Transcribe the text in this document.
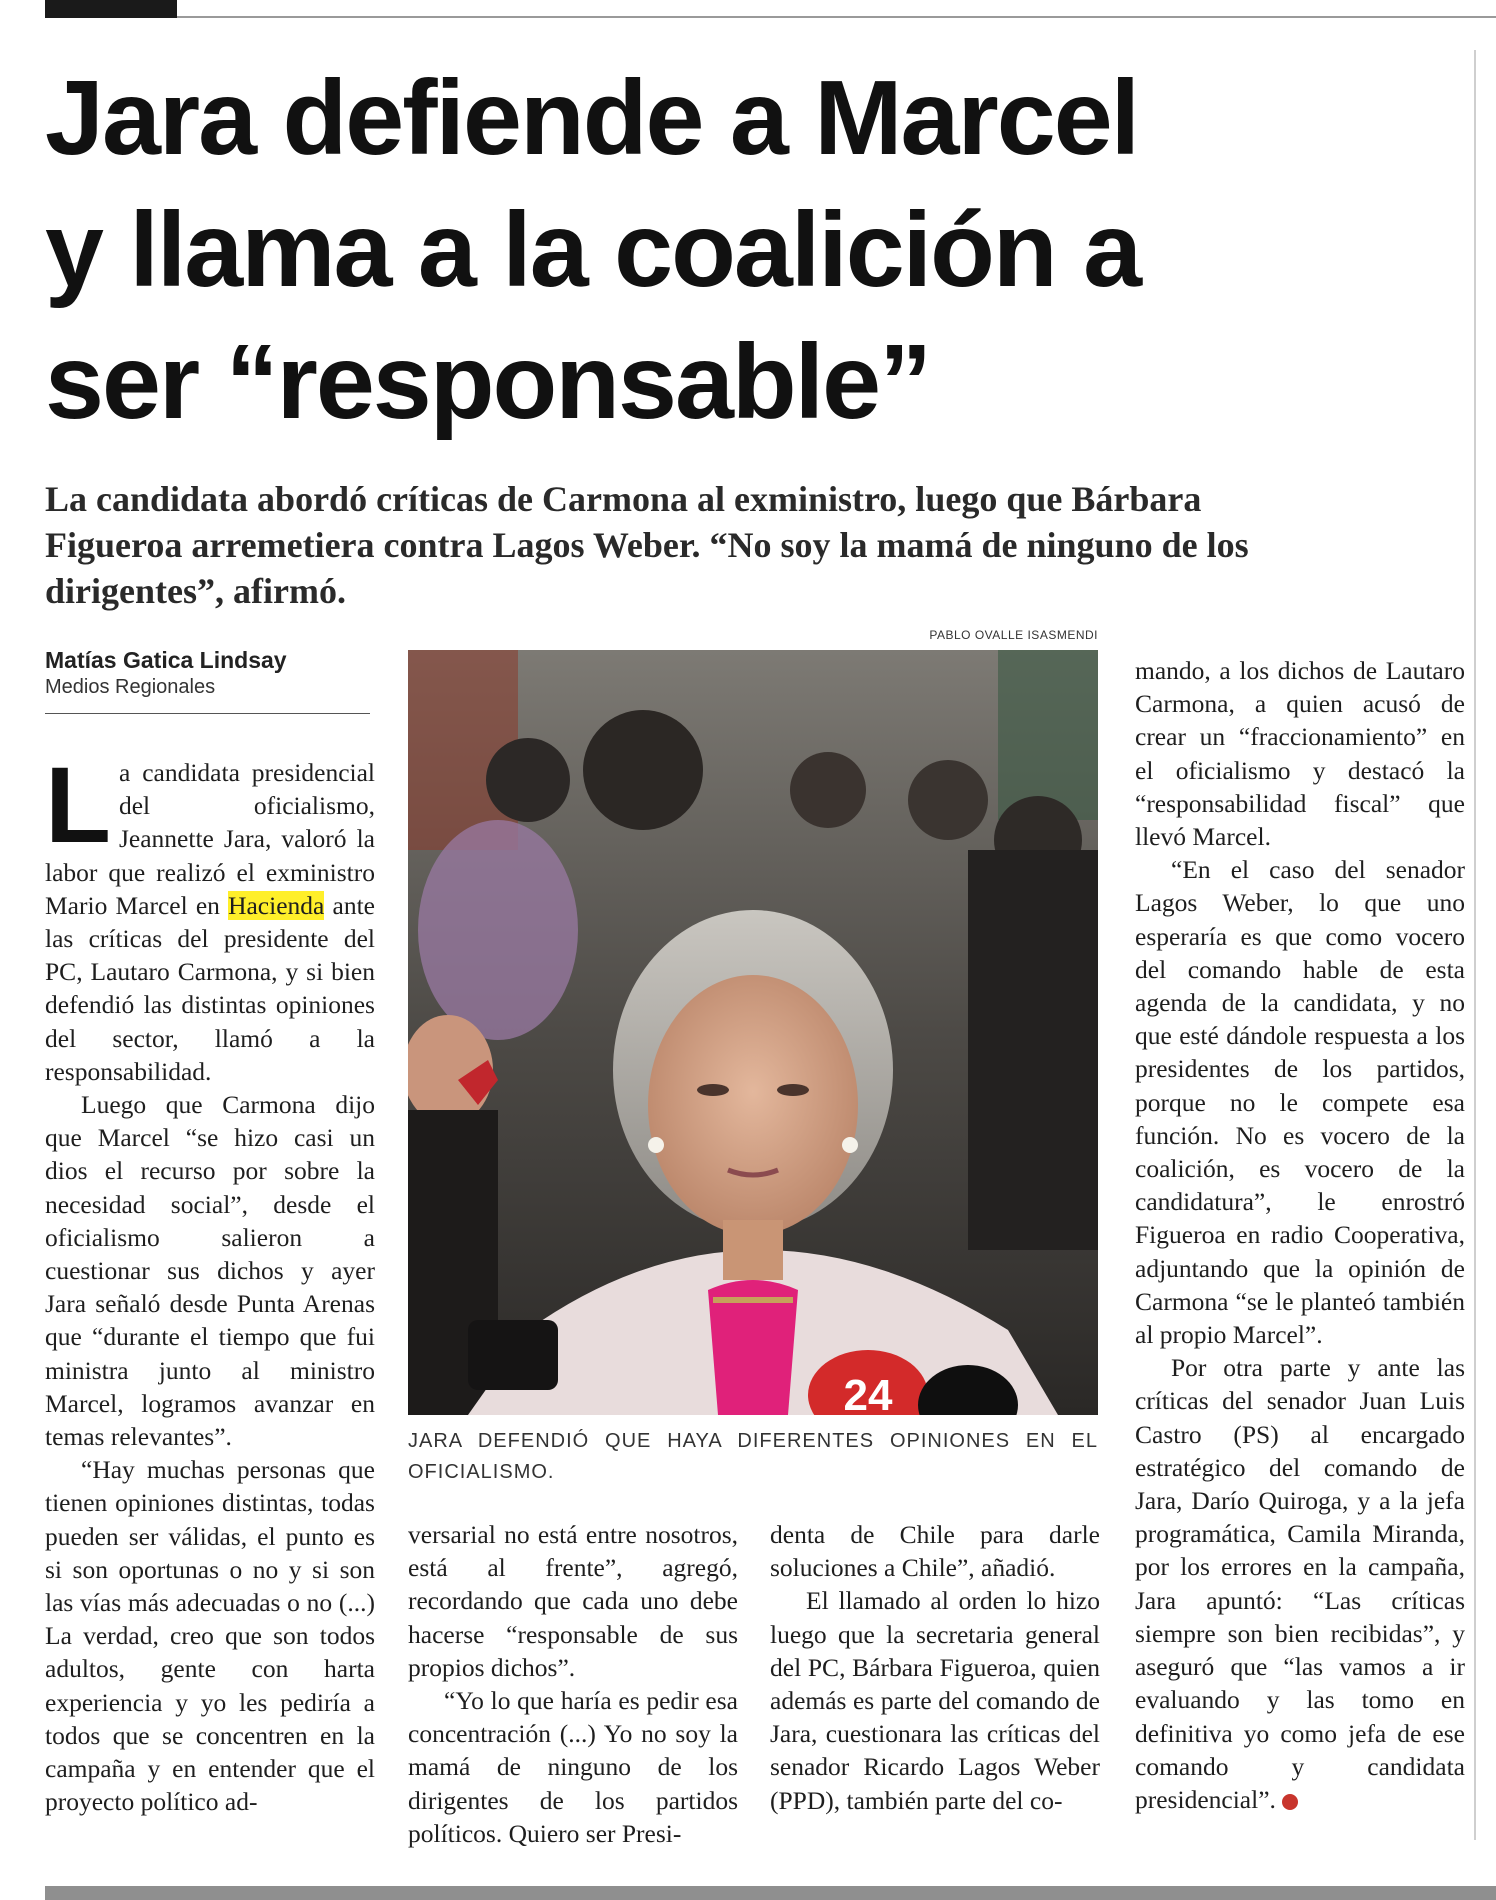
Jara defiende a Marcel
y llama a la coalición a
ser “responsable”

La candidata abordó críticas de Carmona al exministro, luego que Bárbara
Figueroa arremetiera contra Lagos Weber. “No soy la mamá de ninguno de los
dirigentes”, afirmó.

Matías Gatica Lindsay
Medios Regionales

La candidata presidencial del oficialismo, Jeannette Jara, valoró la labor que realizó el exministro Mario Marcel en Hacienda ante las críticas del presidente del PC, Lautaro Carmona, y si bien defendió las distintas opiniones del sector, llamó a la responsabilidad.

Luego que Carmona dijo que Marcel “se hizo casi un dios el recurso por sobre la necesidad social”, desde el oficialismo salieron a cuestionar sus dichos y ayer Jara señaló desde Punta Arenas que “durante el tiempo que fui ministra junto al ministro Marcel, logramos avanzar en temas relevantes”.

“Hay muchas personas que tienen opiniones distintas, todas pueden ser válidas, el punto es si son oportunas o no y si son las vías más adecuadas o no (...) La verdad, creo que son todos adultos, gente con harta experiencia y yo les pediría a todos que se concentren en la campaña y en entender que el proyecto político ad-

PABLO OVALLE ISASMENDI
24

JARA DEFENDIÓ QUE HAYA DIFERENTES OPINIONES EN EL OFICIALISMO.

versarial no está entre nosotros, está al frente”, agregó, recordando que cada uno debe hacerse “responsable de sus propios dichos”.

“Yo lo que haría es pedir esa concentración (...) Yo no soy la mamá de ninguno de los dirigentes de los partidos políticos. Quiero ser Presi-

denta de Chile para darle soluciones a Chile”, añadió.

El llamado al orden lo hizo luego que la secretaria general del PC, Bárbara Figueroa, quien además es parte del comando de Jara, cuestionara las críticas del senador Ricardo Lagos Weber (PPD), también parte del co-

mando, a los dichos de Lautaro Carmona, a quien acusó de crear un “fraccionamiento” en el oficialismo y destacó la “responsabilidad fiscal” que llevó Marcel.

“En el caso del senador Lagos Weber, lo que uno esperaría es que como vocero del comando hable de esta agenda de la candidata, y no que esté dándole respuesta a los presidentes de los partidos, porque no le compete esa función. No es vocero de la coalición, es vocero de la candidatura”, le enrostró Figueroa en radio Cooperativa, adjuntando que la opinión de Carmona “se le planteó también al propio Marcel”.

Por otra parte y ante las críticas del senador Juan Luis Castro (PS) al encargado estratégico del comando de Jara, Darío Quiroga, y a la jefa programática, Camila Miranda, por los errores en la campaña, Jara apuntó: “Las críticas siempre son bien recibidas”, y aseguró que “las vamos a ir evaluando y las tomo en definitiva yo como jefa de ese comando y candidata presidencial”.
